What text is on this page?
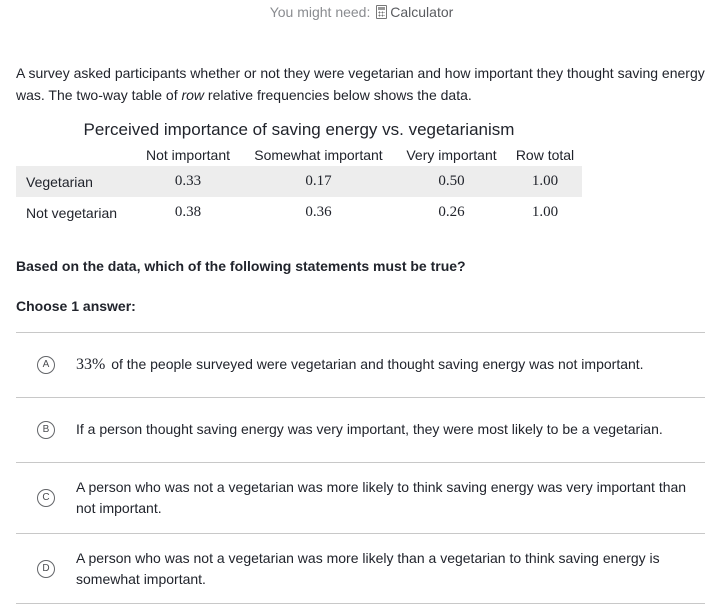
You might need: Calculator
A survey asked participants whether or not they were vegetarian and how important they thought saving energy was. The two-way table of row relative frequencies below shows the data.
Perceived importance of saving energy vs. vegetarianism
	Not important	Somewhat important	Very important	Row total
Vegetarian	0.33	0.17	0.50	1.00
Not vegetarian	0.38	0.36	0.26	1.00
Based on the data, which of the following statements must be true?
Choose 1 answer:
A	33% of the people surveyed were vegetarian and thought saving energy was not important.
B	If a person thought saving energy was very important, they were most likely to be a vegetarian.
C
A person who was not a vegetarian was more likely to think saving energy was very important than not important.
D
A person who was not a vegetarian was more likely than a vegetarian to think saving energy is somewhat important.
